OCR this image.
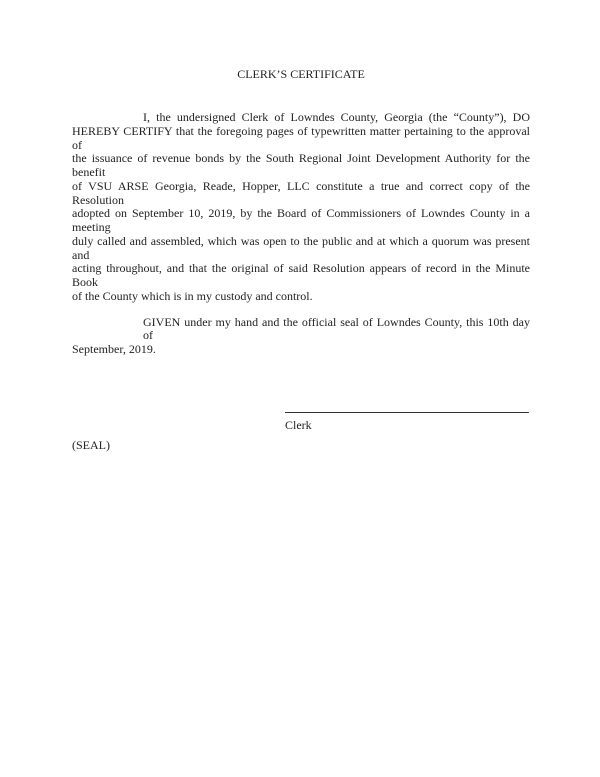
CLERK’S CERTIFICATE
I, the undersigned Clerk of Lowndes County, Georgia (the “County”), DO
HEREBY CERTIFY that the foregoing pages of typewritten matter pertaining to the approval of
the issuance of revenue bonds by the South Regional Joint Development Authority for the benefit
of VSU ARSE Georgia, Reade, Hopper, LLC constitute a true and correct copy of the Resolution
adopted on September 10, 2019, by the Board of Commissioners of Lowndes County in a meeting
duly called and assembled, which was open to the public and at which a quorum was present and
acting throughout, and that the original of said Resolution appears of record in the Minute Book
of the County which is in my custody and control.
GIVEN under my hand and the official seal of Lowndes County, this 10th day of
September, 2019.
Clerk
(SEAL)
